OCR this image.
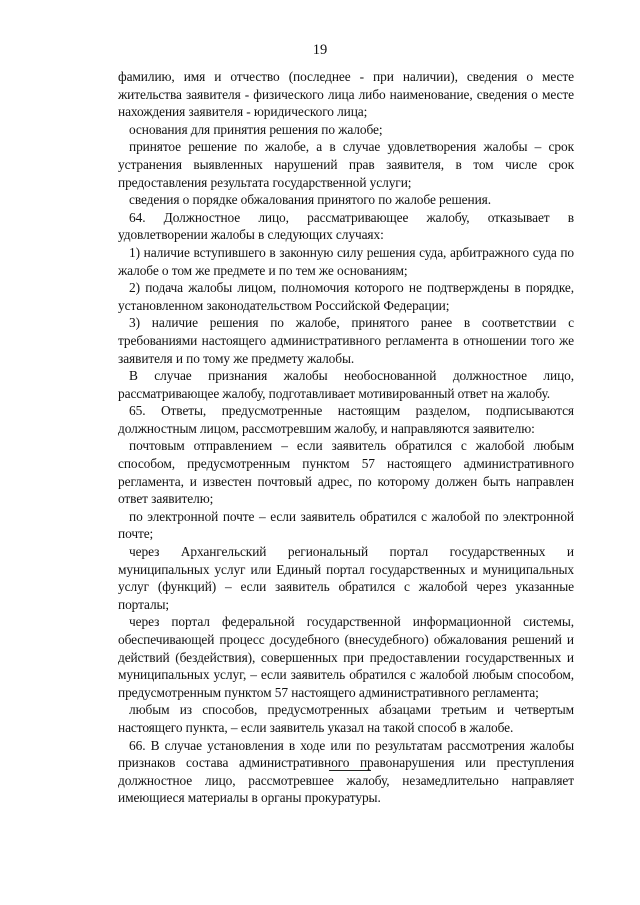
19

фамилию, имя и отчество (последнее - при наличии), сведения о месте жительства заявителя - физического лица либо наименование, сведения о месте нахождения заявителя - юридического лица;

основания для принятия решения по жалобе;

принятое решение по жалобе, а в случае удовлетворения жалобы – срок устранения выявленных нарушений прав заявителя, в том числе срок предоставления результата государственной услуги;

сведения о порядке обжалования принятого по жалобе решения.

64. Должностное лицо, рассматривающее жалобу, отказывает в удовлетворении жалобы в следующих случаях:

1) наличие вступившего в законную силу решения суда, арбитражного суда по жалобе о том же предмете и по тем же основаниям;

2) подача жалобы лицом, полномочия которого не подтверждены в порядке, установленном законодательством Российской Федерации;

3) наличие решения по жалобе, принятого ранее в соответствии с требованиями настоящего административного регламента в отношении того же заявителя и по тому же предмету жалобы.

В случае признания жалобы необоснованной должностное лицо, рассматривающее жалобу, подготавливает мотивированный ответ на жалобу.

65. Ответы, предусмотренные настоящим разделом, подписываются должностным лицом, рассмотревшим жалобу, и направляются заявителю:

почтовым отправлением – если заявитель обратился с жалобой любым способом, предусмотренным пунктом 57 настоящего административного регламента, и известен почтовый адрес, по которому должен быть направлен ответ заявителю;

по электронной почте – если заявитель обратился с жалобой по электронной почте;

через Архангельский региональный портал государственных и муниципальных услуг или Единый портал государственных и муниципальных услуг (функций) – если заявитель обратился с жалобой через указанные порталы;

через портал федеральной государственной информационной системы, обеспечивающей процесс досудебного (внесудебного) обжалования решений и действий (бездействия), совершенных при предоставлении государственных и муниципальных услуг, – если заявитель обратился с жалобой любым способом, предусмотренным пунктом 57 настоящего административного регламента;

любым из способов, предусмотренных абзацами третьим и четвертым настоящего пункта, – если заявитель указал на такой способ в жалобе.

66. В случае установления в ходе или по результатам рассмотрения жалобы признаков состава административного правонарушения или преступления должностное лицо, рассмотревшее жалобу, незамедлительно направляет имеющиеся материалы в органы прокуратуры.
